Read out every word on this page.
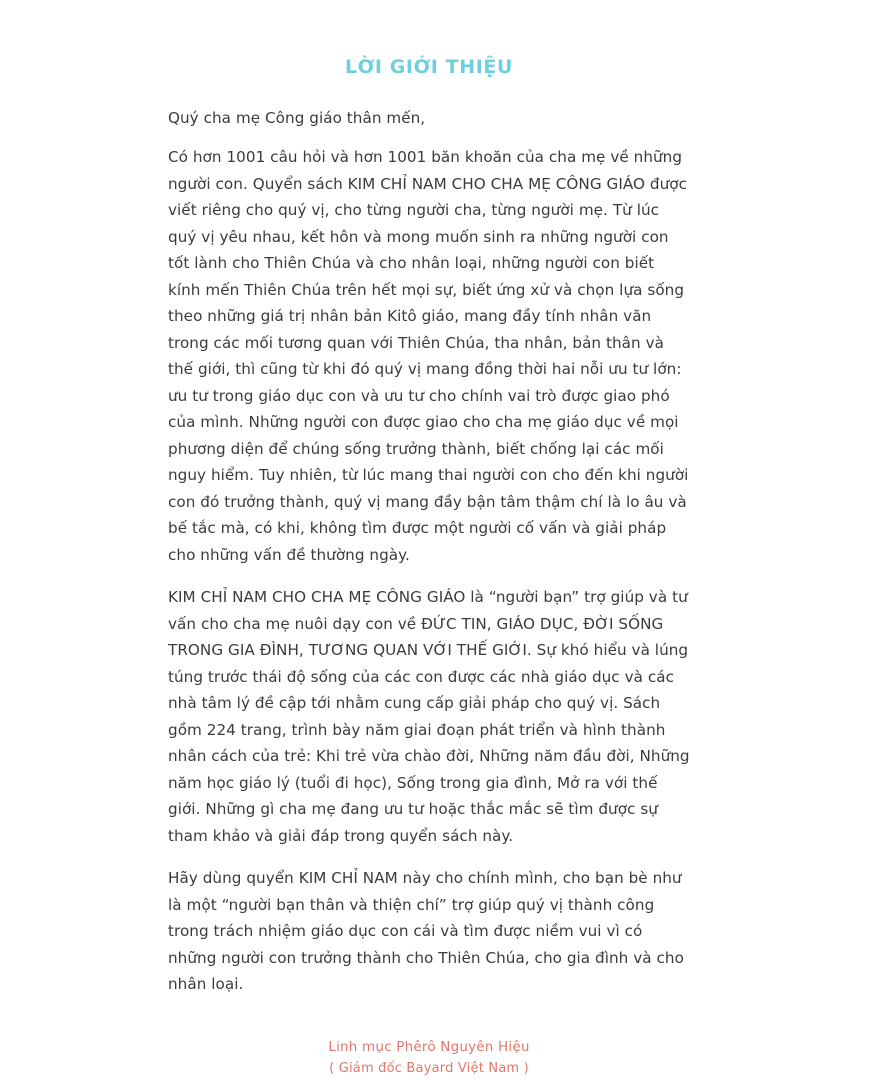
LỜI GIỚI THIỆU

Quý cha mẹ Công giáo thân mến,

Có hơn 1001 câu hỏi và hơn 1001 băn khoăn của cha mẹ về những người con. Quyển sách KIM CHỈ NAM CHO CHA MẸ CÔNG GIÁO được viết riêng cho quý vị, cho từng người cha, từng người mẹ. Từ lúc quý vị yêu nhau, kết hôn và mong muốn sinh ra những người con tốt lành cho Thiên Chúa và cho nhân loại, những người con biết kính mến Thiên Chúa trên hết mọi sự, biết ứng xử và chọn lựa sống theo những giá trị nhân bản Kitô giáo, mang đầy tính nhân văn trong các mối tương quan với Thiên Chúa, tha nhân, bản thân và thế giới, thì cũng từ khi đó quý vị mang đồng thời hai nỗi ưu tư lớn: ưu tư trong giáo dục con và ưu tư cho chính vai trò được giao phó của mình. Những người con được giao cho cha mẹ giáo dục về mọi phương diện để chúng sống trưởng thành, biết chống lại các mối nguy hiểm. Tuy nhiên, từ lúc mang thai người con cho đến khi người con đó trưởng thành, quý vị mang đầy bận tâm thậm chí là lo âu và bế tắc mà, có khi, không tìm được một người cố vấn và giải pháp cho những vấn đề thường ngày.

KIM CHỈ NAM CHO CHA MẸ CÔNG GIÁO là “người bạn” trợ giúp và tư vấn cho cha mẹ nuôi dạy con về ĐỨC TIN, GIÁO DỤC, ĐỜI SỐNG TRONG GIA ĐÌNH, TƯƠNG QUAN VỚI THẾ GIỚI. Sự khó hiểu và lúng túng trước thái độ sống của các con được các nhà giáo dục và các nhà tâm lý đề cập tới nhằm cung cấp giải pháp cho quý vị. Sách gồm 224 trang, trình bày năm giai đoạn phát triển và hình thành nhân cách của trẻ: Khi trẻ vừa chào đời, Những năm đầu đời, Những năm học giáo lý (tuổi đi học), Sống trong gia đình, Mở ra với thế giới. Những gì cha mẹ đang ưu tư hoặc thắc mắc sẽ tìm được sự tham khảo và giải đáp trong quyển sách này.

Hãy dùng quyển KIM CHỈ NAM này cho chính mình, cho bạn bè như là một “người bạn thân và thiện chí” trợ giúp quý vị thành công trong trách nhiệm giáo dục con cái và tìm được niềm vui vì có những người con trưởng thành cho Thiên Chúa, cho gia đình và cho nhân loại.

Linh mục Phêrô Nguyên Hiệu
( Giám đốc Bayard Việt Nam )
